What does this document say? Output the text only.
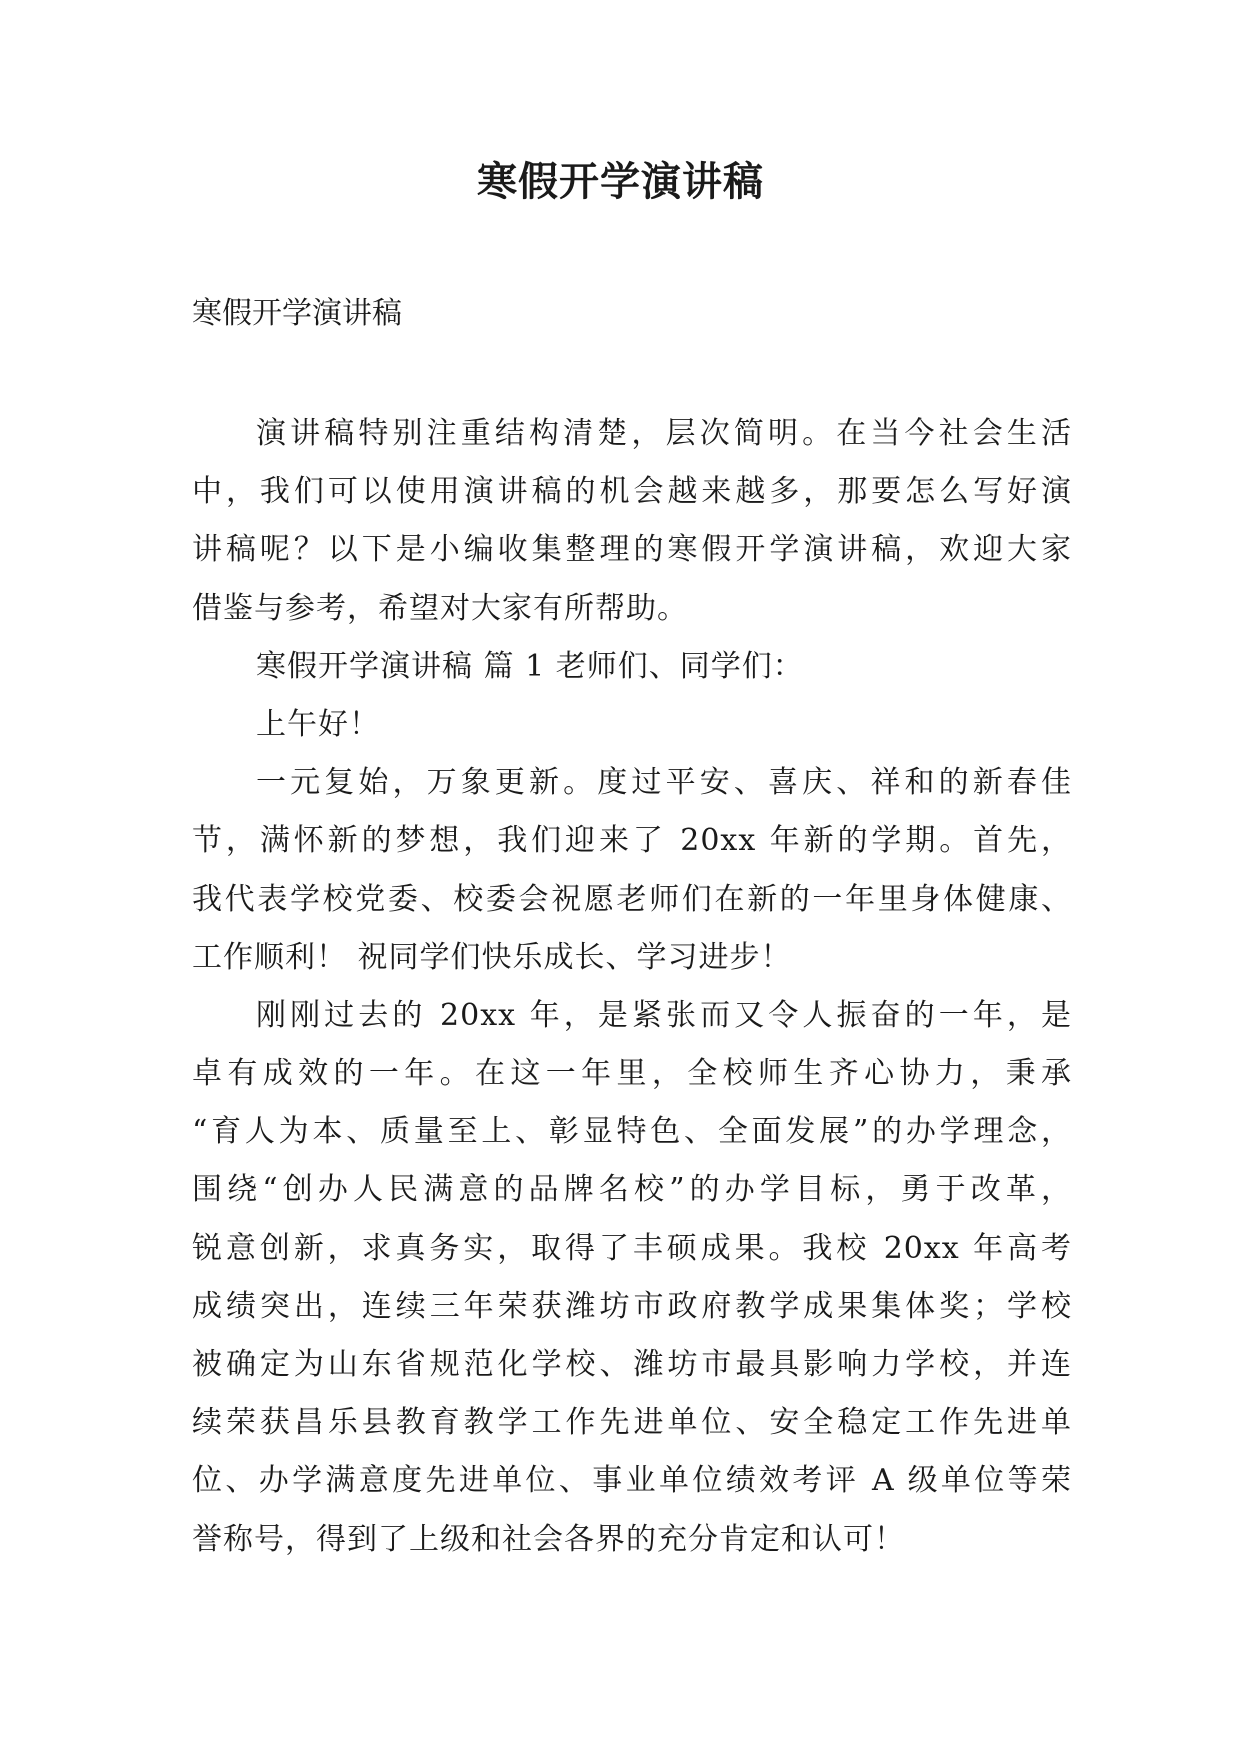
寒假开学演讲稿

寒假开学演讲稿

演讲稿特别注重结构清楚，层次简明。在当今社会生活
中，我们可以使用演讲稿的机会越来越多，那要怎么写好演
讲稿呢？以下是小编收集整理的寒假开学演讲稿，欢迎大家
借鉴与参考，希望对大家有所帮助。
寒假开学演讲稿 篇 1 老师们、同学们：
上午好！
一元复始，万象更新。度过平安、喜庆、祥和的新春佳
节，满怀新的梦想，我们迎来了 20xx 年新的学期。首先，
我代表学校党委、校委会祝愿老师们在新的一年里身体健康、
工作顺利！ 祝同学们快乐成长、学习进步！
刚刚过去的 20xx 年，是紧张而又令人振奋的一年，是
卓有成效的一年。在这一年里，全校师生齐心协力，秉承
“育人为本、质量至上、彰显特色、全面发展”的办学理念，
围绕“创办人民满意的品牌名校”的办学目标，勇于改革，
锐意创新，求真务实，取得了丰硕成果。我校 20xx 年高考
成绩突出，连续三年荣获潍坊市政府教学成果集体奖；学校
被确定为山东省规范化学校、潍坊市最具影响力学校，并连
续荣获昌乐县教育教学工作先进单位、安全稳定工作先进单
位、办学满意度先进单位、事业单位绩效考评 A 级单位等荣
誉称号，得到了上级和社会各界的充分肯定和认可！
